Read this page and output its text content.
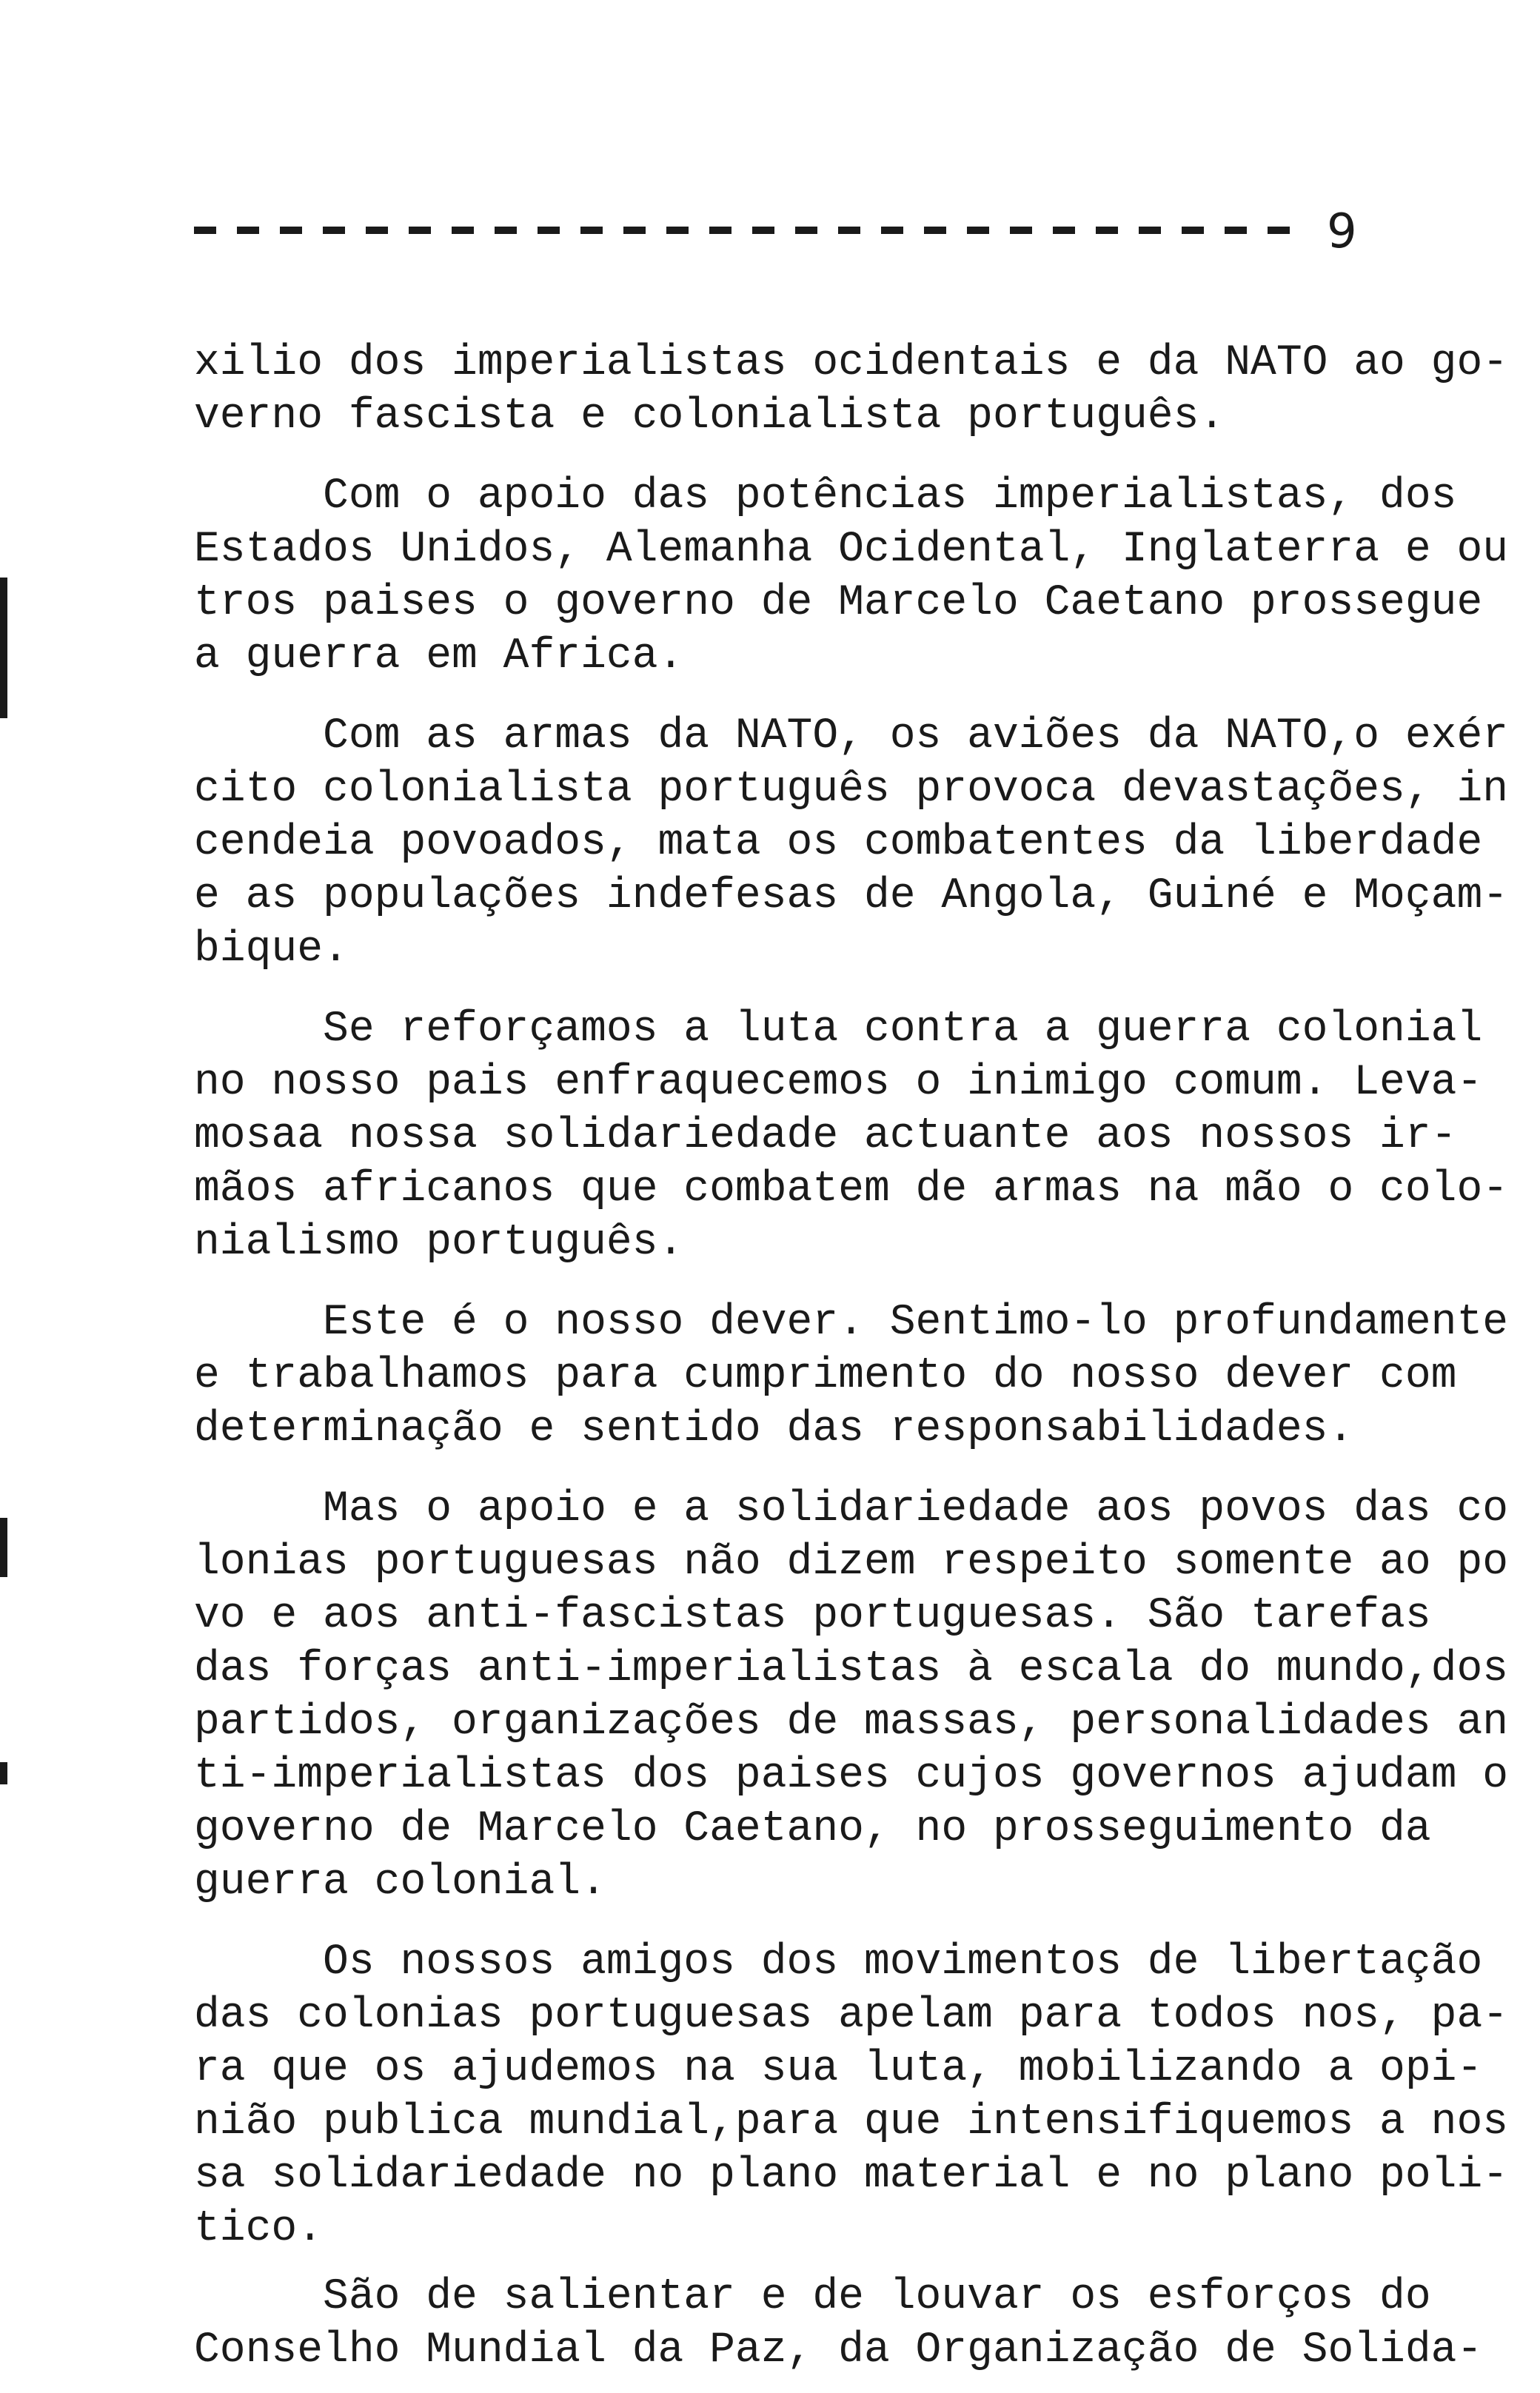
9
xilio dos imperialistas ocidentais e da NATO ao go-
verno fascista e colonialista português.
Com o apoio das potências imperialistas, dos
Estados Unidos, Alemanha Ocidental, Inglaterra e ou
tros paises o governo de Marcelo Caetano prossegue
a guerra em Africa.
Com as armas da NATO, os aviões da NATO,o exér
cito colonialista português provoca devastações, in
cendeia povoados, mata os combatentes da liberdade
e as populações indefesas de Angola, Guiné e Moçam-
bique.
Se reforçamos a luta contra a guerra colonial
no nosso pais enfraquecemos o inimigo comum. Leva-
mosaa nossa solidariedade actuante aos nossos ir-
mãos africanos que combatem de armas na mão o colo-
nialismo português.
Este é o nosso dever. Sentimo-lo profundamente
e trabalhamos para cumprimento do nosso dever com
determinação e sentido das responsabilidades.
Mas o apoio e a solidariedade aos povos das co
lonias portuguesas não dizem respeito somente ao po
vo e aos anti-fascistas portuguesas. São tarefas
das forças anti-imperialistas à escala do mundo,dos
partidos, organizações de massas, personalidades an
ti-imperialistas dos paises cujos governos ajudam o
governo de Marcelo Caetano, no prosseguimento da
guerra colonial.
Os nossos amigos dos movimentos de libertação
das colonias portuguesas apelam para todos nos, pa-
ra que os ajudemos na sua luta, mobilizando a opi-
nião publica mundial,para que intensifiquemos a nos
sa solidariedade no plano material e no plano poli-
tico.
São de salientar e de louvar os esforços do
Conselho Mundial da Paz, da Organização de Solida-
